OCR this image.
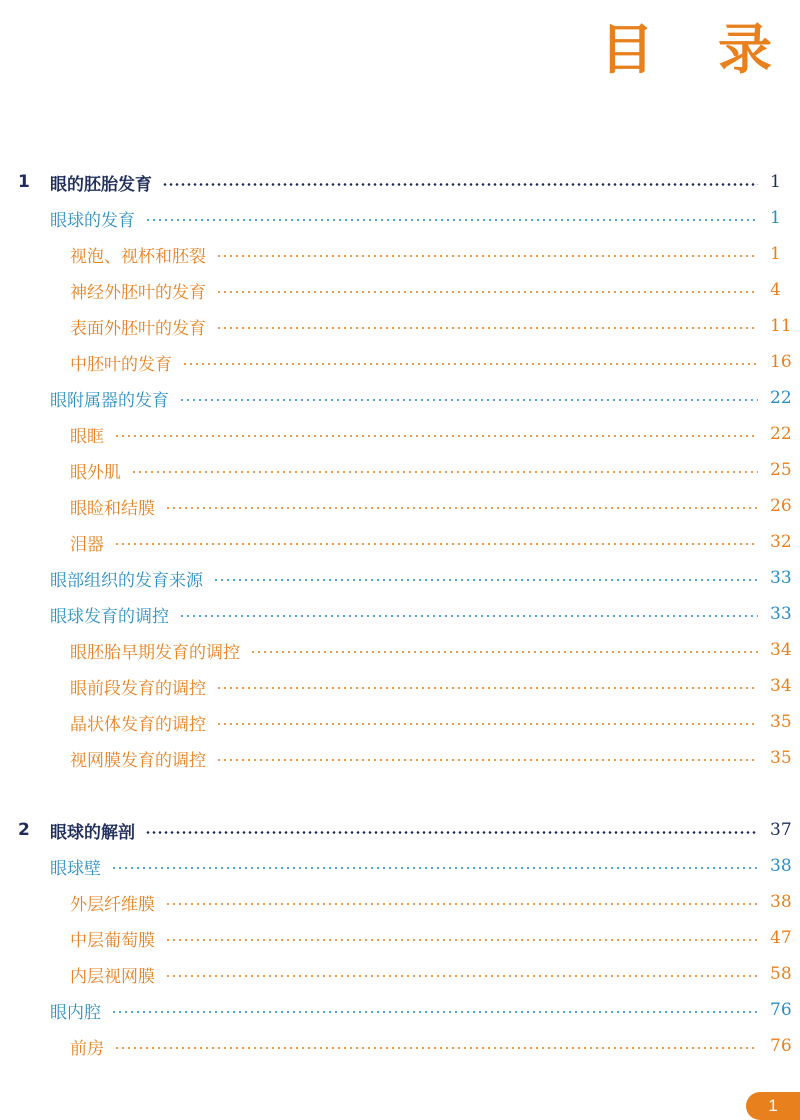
目 录
1	眼的胚胎发育	1
眼球的发育	1
视泡、视杯和胚裂	1
神经外胚叶的发育	4
表面外胚叶的发育	11
中胚叶的发育	16
眼附属器的发育	22
眼眶	22
眼外肌	25
眼睑和结膜	26
泪器	32
眼部组织的发育来源	33
眼球发育的调控	33
眼胚胎早期发育的调控	34
眼前段发育的调控	34
晶状体发育的调控	35
视网膜发育的调控	35
2	眼球的解剖	37
眼球壁	38
外层纤维膜	38
中层葡萄膜	47
内层视网膜	58
眼内腔	76
前房	76
1
